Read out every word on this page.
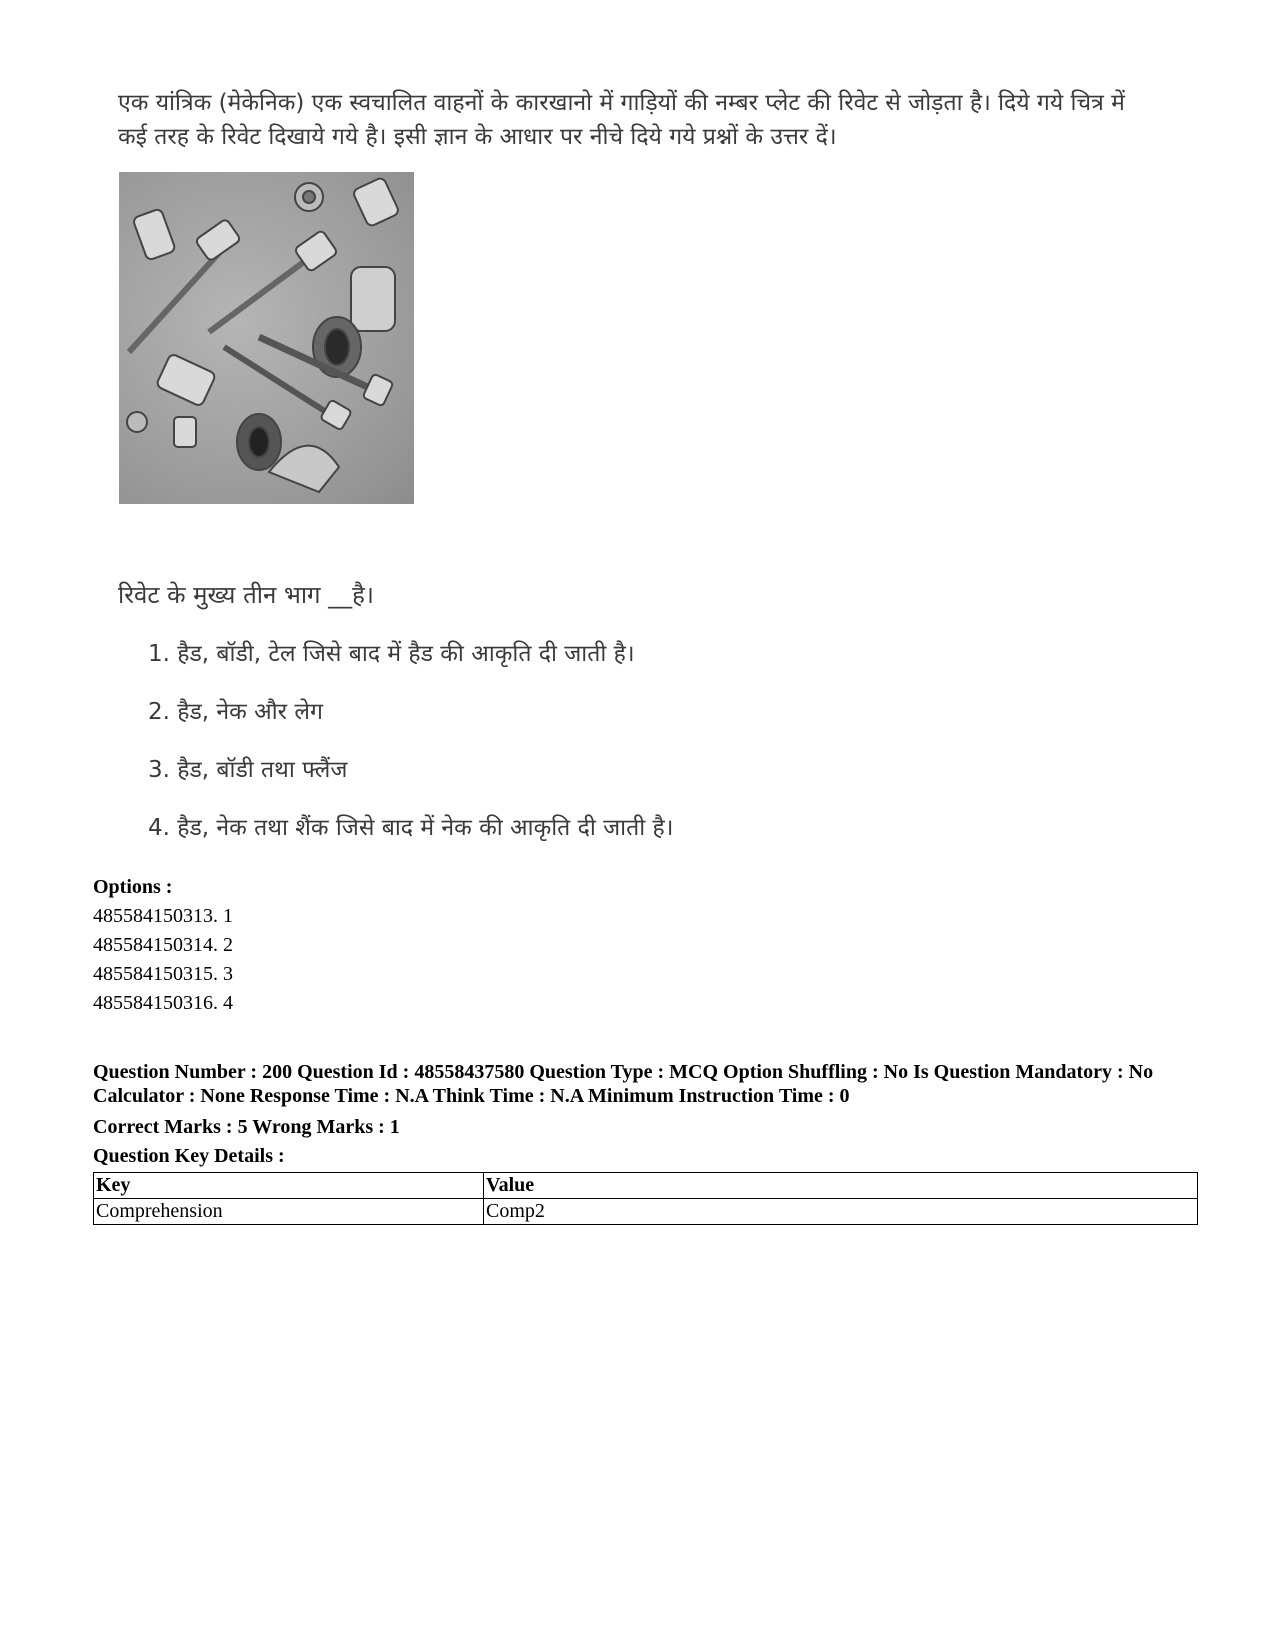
एक यांत्रिक (मेकेनिक) एक स्वचालित वाहनों के कारखानो में गाड़ियों की नम्बर प्लेट की रिवेट से जोड़ता है। दिये गये चित्र में कई तरह के रिवेट दिखाये गये है। इसी ज्ञान के आधार पर नीचे दिये गये प्रश्नों के उत्तर दें।
रिवेट के मुख्य तीन भाग __है।
1. हैड, बॉडी, टेल जिसे बाद में हैड की आकृति दी जाती है।
2. हैड, नेक और लेग
3. हैड, बॉडी तथा फ्लैंज
4. हैड, नेक तथा शैंक जिसे बाद में नेक की आकृति दी जाती है।
Options :
485584150313. 1
485584150314. 2
485584150315. 3
485584150316. 4
Question Number : 200 Question Id : 48558437580 Question Type : MCQ Option Shuffling : No Is Question Mandatory : No Calculator : None Response Time : N.A Think Time : N.A Minimum Instruction Time : 0
Correct Marks : 5 Wrong Marks : 1
Question Key Details :
Key	Value
Comprehension	Comp2
